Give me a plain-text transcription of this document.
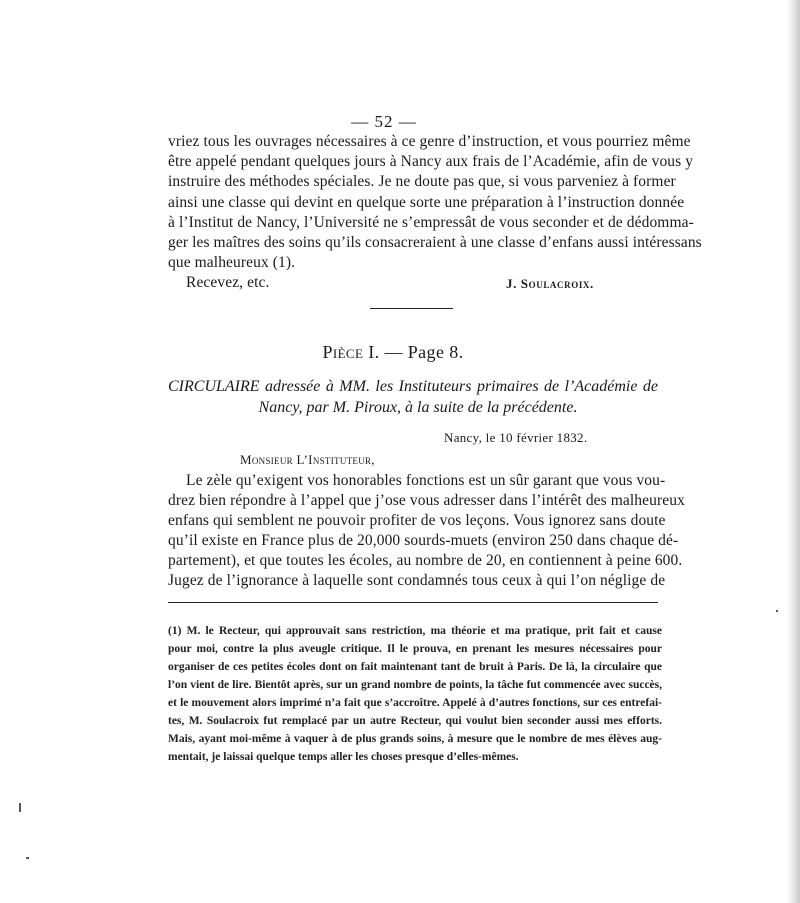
— 52 —
vriez tous les ouvrages nécessaires à ce genre d’instruction, et vous pourriez même
être appelé pendant quelques jours à Nancy aux frais de l’Académie, afin de vous y
instruire des méthodes spéciales. Je ne doute pas que, si vous parveniez à former
ainsi une classe qui devint en quelque sorte une préparation à l’instruction donnée
à l’Institut de Nancy, l’Université ne s’empressât de vous seconder et de dédomma-
ger les maîtres des soins qu’ils consacreraient à une classe d’enfans aussi intéressans
que malheureux (1).
Recevez, etc.	J. Soulacroix.
Pièce I. — Page 8.
CIRCULAIRE adressée à MM. les Instituteurs primaires de l’Académie de
Nancy, par M. Piroux, à la suite de la précédente.
Nancy, le 10 février 1832.
Monsieur L’Instituteur,
Le zèle qu’exigent vos honorables fonctions est un sûr garant que vous vou-
drez bien répondre à l’appel que j’ose vous adresser dans l’intérêt des malheureux
enfans qui semblent ne pouvoir profiter de vos leçons. Vous ignorez sans doute
qu’il existe en France plus de 20,000 sourds-muets (environ 250 dans chaque dé-
partement), et que toutes les écoles, au nombre de 20, en contiennent à peine 600.
Jugez de l’ignorance à laquelle sont condamnés tous ceux à qui l’on néglige de
(1) M. le Recteur, qui approuvait sans restriction, ma théorie et ma pratique, prit fait et cause
pour moi, contre la plus aveugle critique. Il le prouva, en prenant les mesures nécessaires pour
organiser de ces petites écoles dont on fait maintenant tant de bruit à Paris. De là, la circulaire que
l’on vient de lire. Bientôt après, sur un grand nombre de points, la tâche fut commencée avec succès,
et le mouvement alors imprimé n’a fait que s’accroître. Appelé à d’autres fonctions, sur ces entrefai-
tes, M. Soulacroix fut remplacé par un autre Recteur, qui voulut bien seconder aussi mes efforts.
Mais, ayant moi-même à vaquer à de plus grands soins, à mesure que le nombre de mes élèves aug-
mentait, je laissai quelque temps aller les choses presque d’elles-mêmes.
